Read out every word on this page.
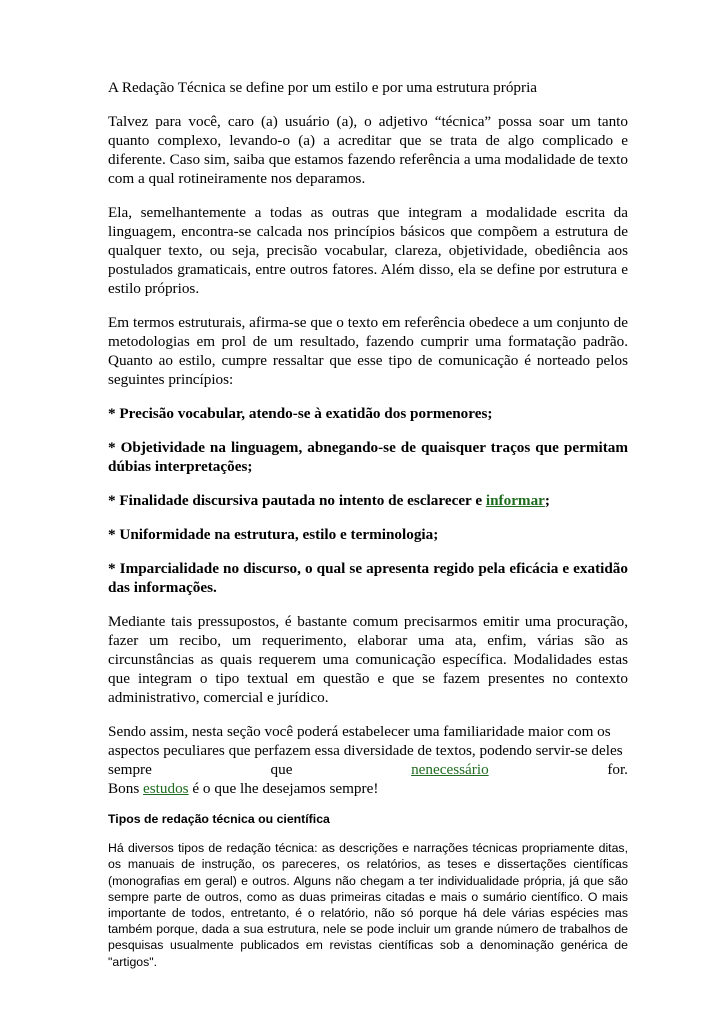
A Redação Técnica se define por um estilo e por uma estrutura própria

Talvez para você, caro (a) usuário (a), o adjetivo “técnica” possa soar um tanto quanto complexo, levando-o (a) a acreditar que se trata de algo complicado e diferente. Caso sim, saiba que estamos fazendo referência a uma modalidade de texto com a qual rotineiramente nos deparamos.

Ela, semelhantemente a todas as outras que integram a modalidade escrita da linguagem, encontra-se calcada nos princípios básicos que compõem a estrutura de qualquer texto, ou seja, precisão vocabular, clareza, objetividade, obediência aos postulados gramaticais, entre outros fatores. Além disso, ela se define por estrutura e estilo próprios.

Em termos estruturais, afirma-se que o texto em referência obedece a um conjunto de metodologias em prol de um resultado, fazendo cumprir uma formatação padrão. Quanto ao estilo, cumpre ressaltar que esse tipo de comunicação é norteado pelos seguintes princípios:

* Precisão vocabular, atendo-se à exatidão dos pormenores;

* Objetividade na linguagem, abnegando-se de quaisquer traços que permitam dúbias interpretações;

* Finalidade discursiva pautada no intento de esclarecer e informar;

* Uniformidade na estrutura, estilo e terminologia;

* Imparcialidade no discurso, o qual se apresenta regido pela eficácia e exatidão das informações.

Mediante tais pressupostos, é bastante comum precisarmos emitir uma procuração, fazer um recibo, um requerimento, elaborar uma ata, enfim, várias são as circunstâncias as quais requerem uma comunicação específica. Modalidades estas que integram o tipo textual em questão e que se fazem presentes no contexto administrativo, comercial e jurídico.

Sendo assim, nesta seção você poderá estabelecer uma familiaridade maior com os

aspectos peculiares que perfazem essa diversidade de textos, podendo servir-se deles

sempre	que	nenecessário	for.

Bons estudos é o que lhe desejamos sempre!

Tipos de redação técnica ou científica

Há diversos tipos de redação técnica: as descrições e narrações técnicas propriamente ditas, os manuais de instrução, os pareceres, os relatórios, as teses e dissertações científicas (monografias em geral) e outros. Alguns não chegam a ter individualidade própria, já que são sempre parte de outros, como as duas primeiras citadas e mais o sumário científico. O mais importante de todos, entretanto, é o relatório, não só porque há dele várias espécies mas também porque, dada a sua estrutura, nele se pode incluir um grande número de trabalhos de pesquisas usualmente publicados em revistas científicas sob a denominação genérica de "artigos".
